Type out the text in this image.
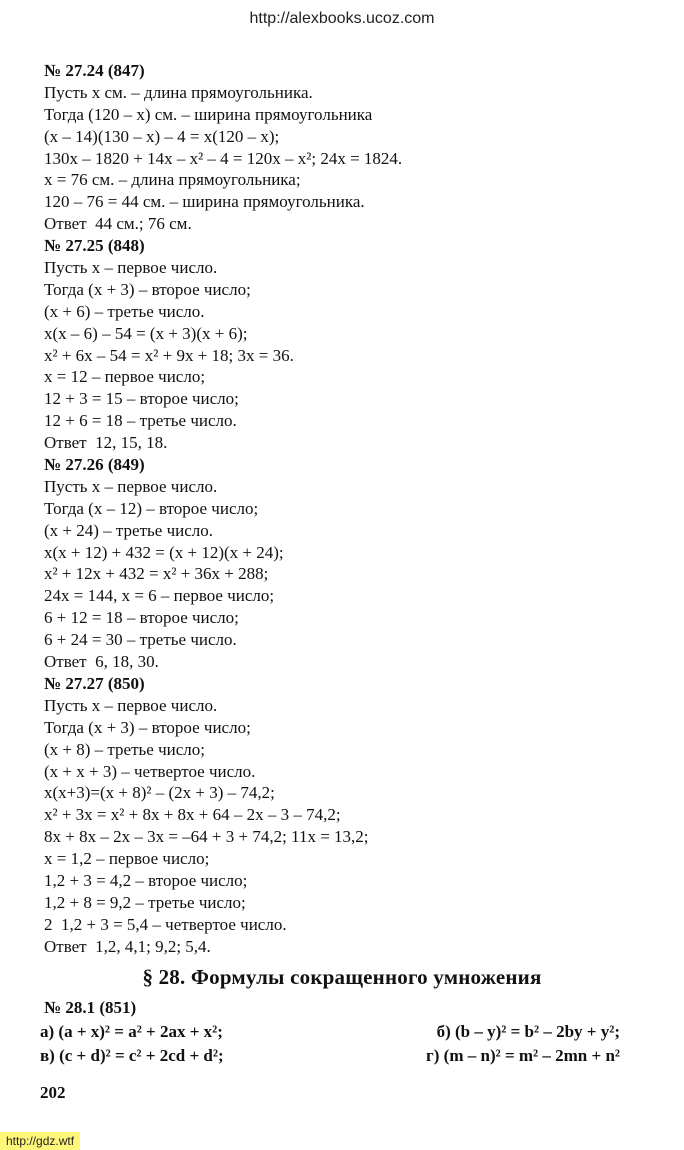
http://alexbooks.ucoz.com
№ 27.24 (847)
Пусть x см. – длина прямоугольника.
Тогда (120 – x) см. – ширина прямоугольника
(x – 14)(130 – x) – 4 = x(120 – x);
130x – 1820 + 14x – x² – 4 = 120x – x²; 24x = 1824.
x = 76 см. – длина прямоугольника;
120 – 76 = 44 см. – ширина прямоугольника.
Ответ  44 см.; 76 см.
№ 27.25 (848)
Пусть x – первое число.
Тогда (x + 3) – второе число;
(x + 6) – третье число.
x(x – 6) – 54 = (x + 3)(x + 6);
x² + 6x – 54 = x² + 9x + 18; 3x = 36.
x = 12 – первое число;
12 + 3 = 15 – второе число;
12 + 6 = 18 – третье число.
Ответ  12, 15, 18.
№ 27.26 (849)
Пусть x – первое число.
Тогда (x – 12) – второе число;
(x + 24) – третье число.
x(x + 12) + 432 = (x + 12)(x + 24);
x² + 12x + 432 = x² + 36x + 288;
24x = 144, x = 6 – первое число;
6 + 12 = 18 – второе число;
6 + 24 = 30 – третье число.
Ответ  6, 18, 30.
№ 27.27 (850)
Пусть x – первое число.
Тогда (x + 3) – второе число;
(x + 8) – третье число;
(x + x + 3) – четвертое число.
x(x+3)=(x + 8)² – (2x + 3) – 74,2;
x² + 3x = x² + 8x + 8x + 64 – 2x – 3 – 74,2;
8x + 8x – 2x – 3x = –64 + 3 + 74,2; 11x = 13,2;
x = 1,2 – первое число;
1,2 + 3 = 4,2 – второе число;
1,2 + 8 = 9,2 – третье число;
2  1,2 + 3 = 5,4 – четвертое число.
Ответ  1,2, 4,1; 9,2; 5,4.
§ 28. Формулы сокращенного умножения
№ 28.1 (851)
а) (a + x)² = a² + 2ax + x²;	б) (b – y)² = b² – 2by + y²;
в) (c + d)² = c² + 2cd + d²;	г) (m – n)² = m² – 2mn + n²
202
http://gdz.wtf
